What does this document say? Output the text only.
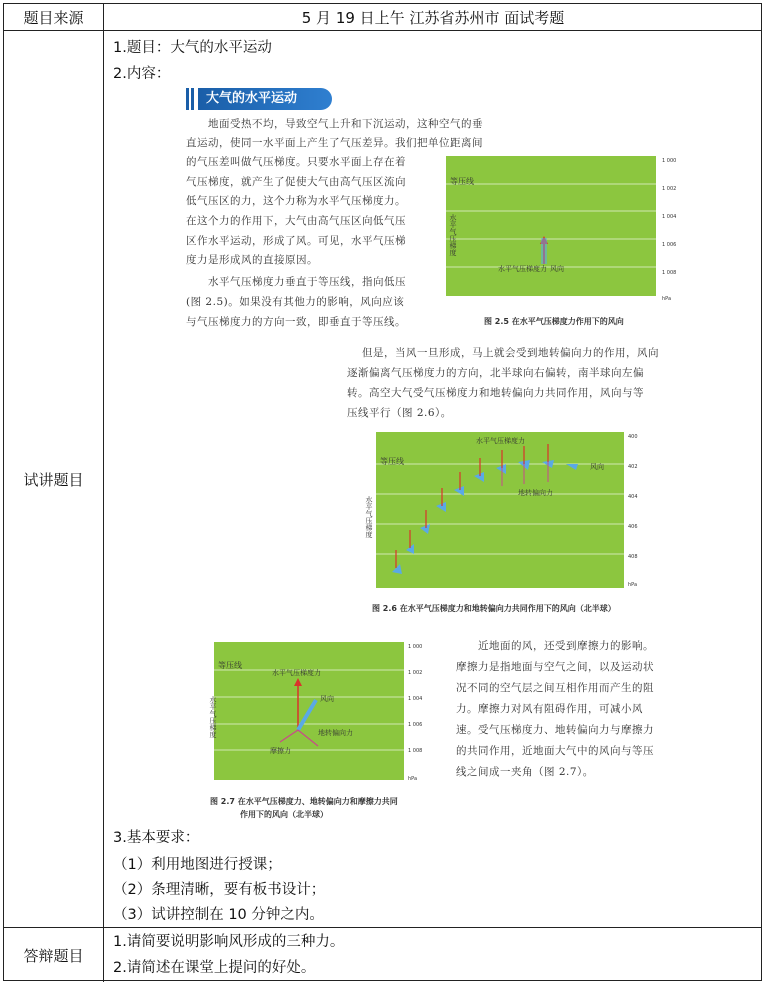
题目来源	5 月 19 日上午 江苏省苏州市 面试考题
试讲题目
答辩题目
1.题目：大气的水平运动
2.内容：
大气的水平运动
地面受热不均，导致空气上升和下沉运动，这种空气的垂
直运动，使同一水平面上产生了气压差异。我们把单位距离间
的气压差叫做气压梯度。只要水平面上存在着
气压梯度，就产生了促使大气由高气压区流向
低气压区的力，这个力称为水平气压梯度力。
在这个力的作用下，大气由高气压区向低气压
区作水平运动，形成了风。可见，水平气压梯
度力是形成风的直接原因。
水平气压梯度力垂直于等压线，指向低压
(图 2.5)。如果没有其他力的影响，风向应该
与气压梯度力的方向一致，即垂直于等压线。
等压线
水平气压梯度
水平气压梯度力 风向
1 000
1 002
1 004
1 006
1 008
hPa
图 2.5 在水平气压梯度力作用下的风向
但是，当风一旦形成，马上就会受到地转偏向力的作用，风向
逐渐偏离气压梯度力的方向，北半球向右偏转，南半球向左偏
转。高空大气受气压梯度力和地转偏向力共同作用，风向与等
压线平行（图 2.6）。
等压线
水平气压梯度
水平气压梯度力
地转偏向力
风向
400
402
404
406
408
hPa
图 2.6 在水平气压梯度力和地转偏向力共同作用下的风向（北半球）
等压线
水平气压梯度
水平气压梯度力
风向
摩擦力
地转偏向力
1 000
1 002
1 004
1 006
1 008
hPa
图 2.7 在水平气压梯度力、地转偏向力和摩擦力共同
作用下的风向（北半球）
近地面的风，还受到摩擦力的影响。
摩擦力是指地面与空气之间，以及运动状
况不同的空气层之间互相作用而产生的阻
力。摩擦力对风有阻碍作用，可减小风
速。受气压梯度力、地转偏向力与摩擦力
的共同作用，近地面大气中的风向与等压
线之间成一夹角（图 2.7）。
3.基本要求：
（1）利用地图进行授课；
（2）条理清晰，要有板书设计；
（3）试讲控制在 10 分钟之内。
1.请简要说明影响风形成的三种力。
2.请简述在课堂上提问的好处。
